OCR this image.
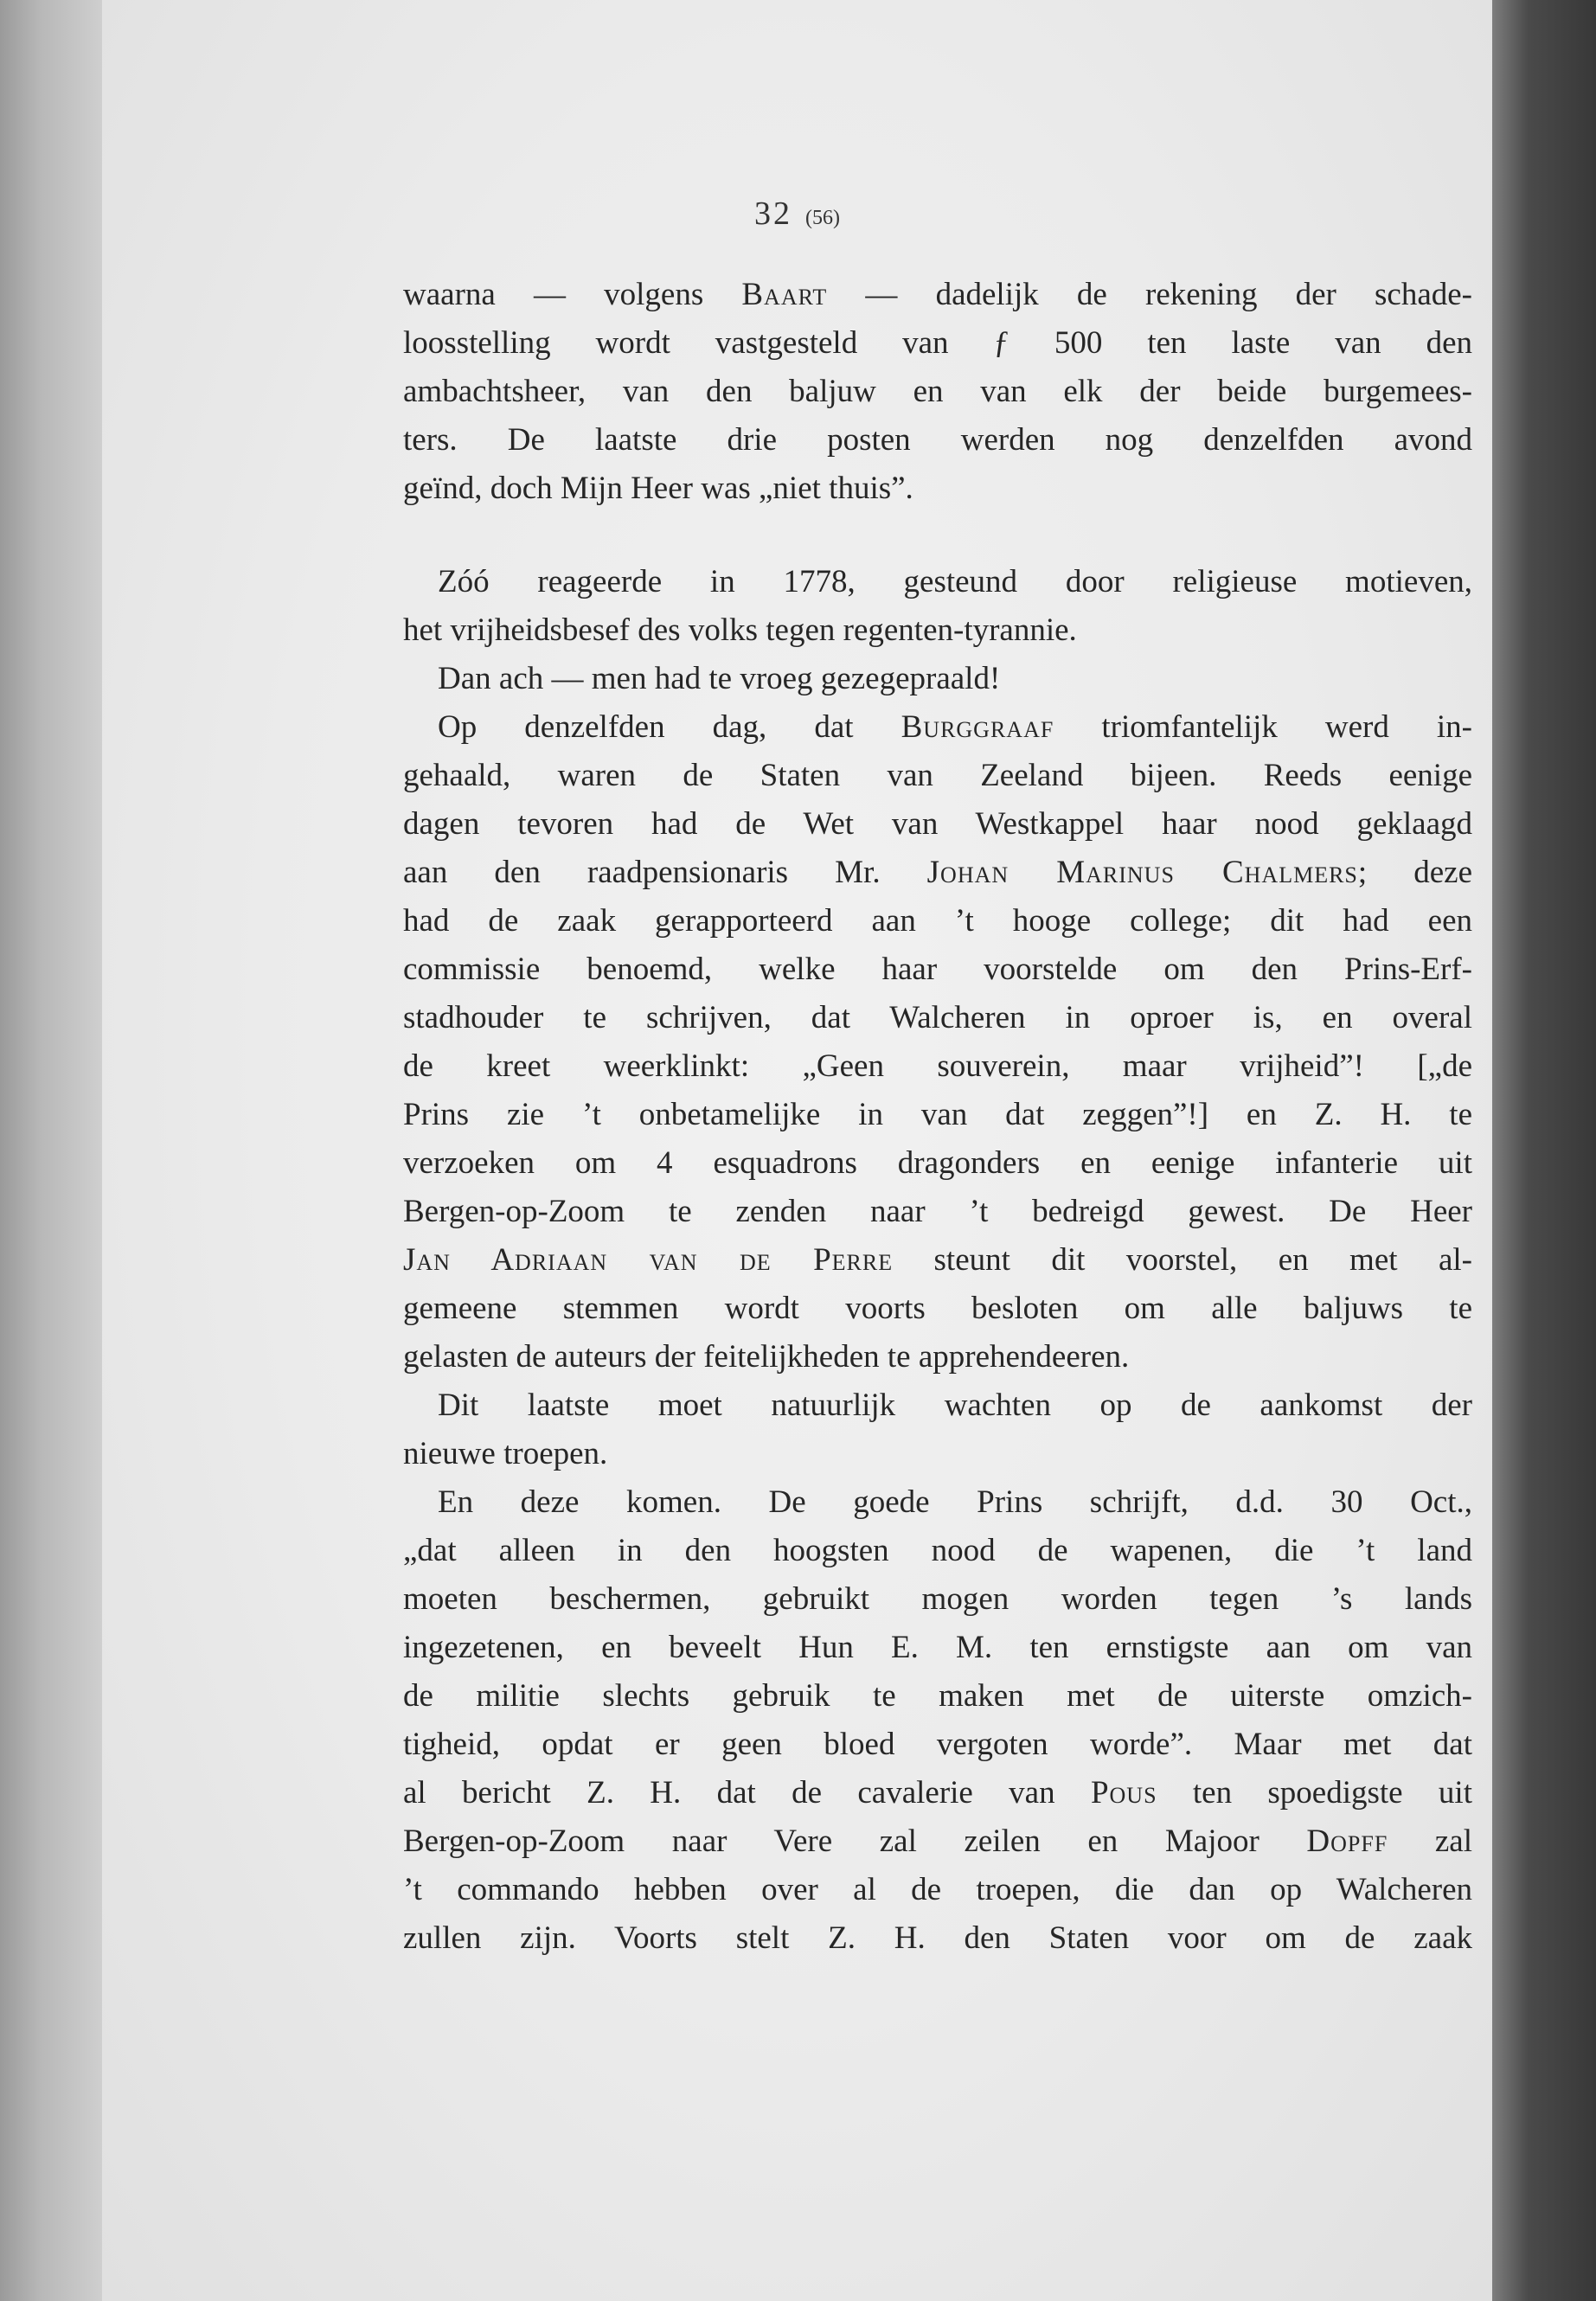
32 (56)
waarna — volgens Baart — dadelijk de rekening der schade-
loosstelling wordt vastgesteld van ƒ 500 ten laste van den
ambachtsheer, van den baljuw en van elk der beide burgemees-
ters. De laatste drie posten werden nog denzelfden avond
geïnd, doch Mijn Heer was „niet thuis”.
Zóó reageerde in 1778, gesteund door religieuse motieven,
het vrijheidsbesef des volks tegen regenten-tyrannie.
Dan ach — men had te vroeg gezegepraald!
Op denzelfden dag, dat Burggraaf triomfantelijk werd in-
gehaald, waren de Staten van Zeeland bijeen. Reeds eenige
dagen tevoren had de Wet van Westkappel haar nood geklaagd
aan den raadpensionaris Mr. Johan Marinus Chalmers; deze
had de zaak gerapporteerd aan ’t hooge college; dit had een
commissie benoemd, welke haar voorstelde om den Prins-Erf-
stadhouder te schrijven, dat Walcheren in oproer is, en overal
de kreet weerklinkt: „Geen souverein, maar vrijheid”! [„de
Prins zie ’t onbetamelijke in van dat zeggen”!] en Z. H. te
verzoeken om 4 esquadrons dragonders en eenige infanterie uit
Bergen-op-Zoom te zenden naar ’t bedreigd gewest. De Heer
Jan Adriaan van de Perre steunt dit voorstel, en met al-
gemeene stemmen wordt voorts besloten om alle baljuws te
gelasten de auteurs der feitelijkheden te apprehendeeren.
Dit laatste moet natuurlijk wachten op de aankomst der
nieuwe troepen.
En deze komen. De goede Prins schrijft, d.d. 30 Oct.,
„dat alleen in den hoogsten nood de wapenen, die ’t land
moeten beschermen, gebruikt mogen worden tegen ’s lands
ingezetenen, en beveelt Hun E. M. ten ernstigste aan om van
de militie slechts gebruik te maken met de uiterste omzich-
tigheid, opdat er geen bloed vergoten worde”. Maar met dat
al bericht Z. H. dat de cavalerie van Pous ten spoedigste uit
Bergen-op-Zoom naar Vere zal zeilen en Majoor Dopff zal
’t commando hebben over al de troepen, die dan op Walcheren
zullen zijn. Voorts stelt Z. H. den Staten voor om de zaak
